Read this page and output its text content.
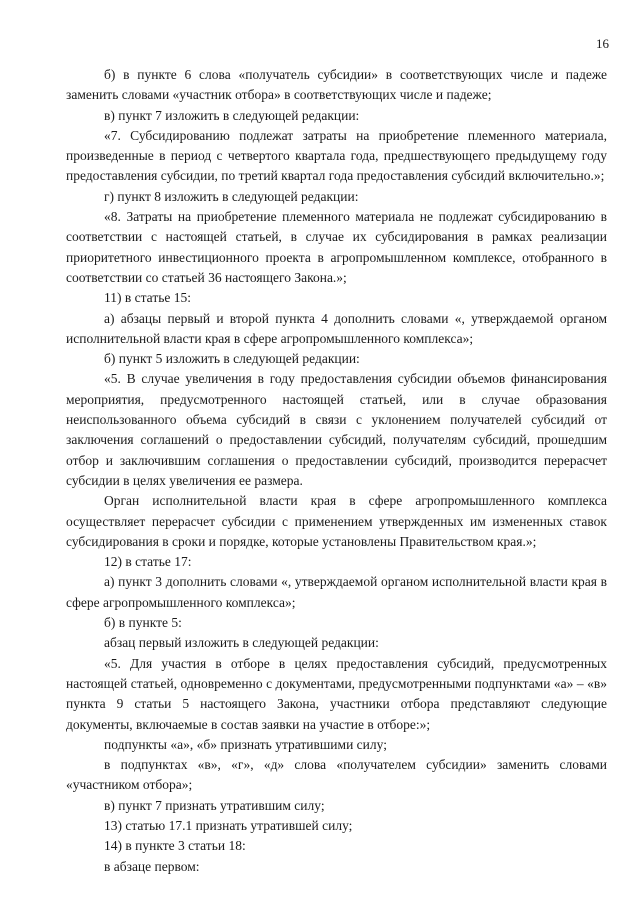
16

б) в пункте 6 слова «получатель субсидии» в соответствующих числе и падеже заменить словами «участник отбора» в соответствующих числе и падеже;

в) пункт 7 изложить в следующей редакции:

«7. Субсидированию подлежат затраты на приобретение племенного материала, произведенные в период с четвертого квартала года, предшествующего предыдущему году предоставления субсидии, по третий квартал года предоставления субсидий включительно.»;

г) пункт 8 изложить в следующей редакции:

«8. Затраты на приобретение племенного материала не подлежат субсидированию в соответствии с настоящей статьей, в случае их субсидирования в рамках реализации приоритетного инвестиционного проекта в агропромышленном комплексе, отобранного в соответствии со статьей 36 настоящего Закона.»;

11) в статье 15:

а) абзацы первый и второй пункта 4 дополнить словами «, утверждаемой органом исполнительной власти края в сфере агропромышленного комплекса»;

б) пункт 5 изложить в следующей редакции:

«5. В случае увеличения в году предоставления субсидии объемов финансирования мероприятия, предусмотренного настоящей статьей, или в случае образования неиспользованного объема субсидий в связи с уклонением получателей субсидий от заключения соглашений о предоставлении субсидий, получателям субсидий, прошедшим отбор и заключившим соглашения о предоставлении субсидий, производится перерасчет субсидии в целях увеличения ее размера.

Орган исполнительной власти края в сфере агропромышленного комплекса осуществляет перерасчет субсидии с применением утвержденных им измененных ставок субсидирования в сроки и порядке, которые установлены Правительством края.»;

12) в статье 17:

а) пункт 3 дополнить словами «, утверждаемой органом исполнительной власти края в сфере агропромышленного комплекса»;

б) в пункте 5:

абзац первый изложить в следующей редакции:

«5. Для участия в отборе в целях предоставления субсидий, предусмотренных настоящей статьей, одновременно с документами, предусмотренными подпунктами «а» – «в» пункта 9 статьи 5 настоящего Закона, участники отбора представляют следующие документы, включаемые в состав заявки на участие в отборе:»;

подпункты «а», «б» признать утратившими силу;

в подпунктах «в», «г», «д» слова «получателем субсидии» заменить словами «участником отбора»;

в) пункт 7 признать утратившим силу;

13) статью 17.1 признать утратившей силу;

14) в пункте 3 статьи 18:

в абзаце первом:
